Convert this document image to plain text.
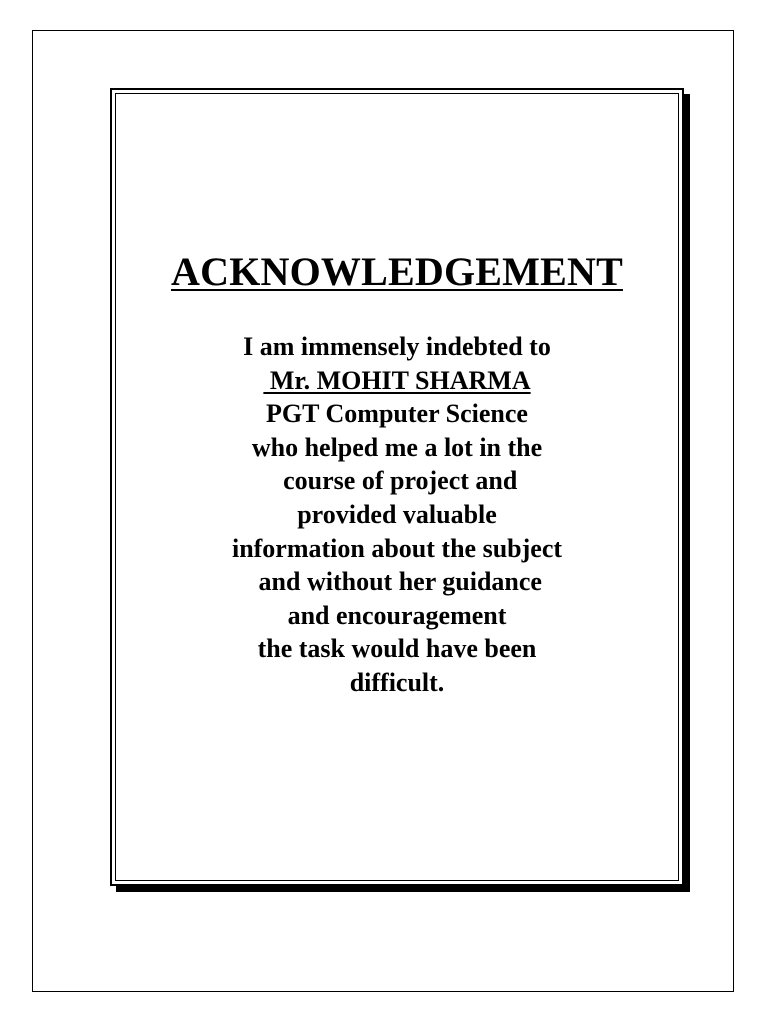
ACKNOWLEDGEMENT
I am immensely indebted to
Mr. MOHIT SHARMA
PGT Computer Science
who helped me a lot in the
course of project and
provided valuable
information about the subject
and without her guidance
and encouragement
the task would have been
difficult.
